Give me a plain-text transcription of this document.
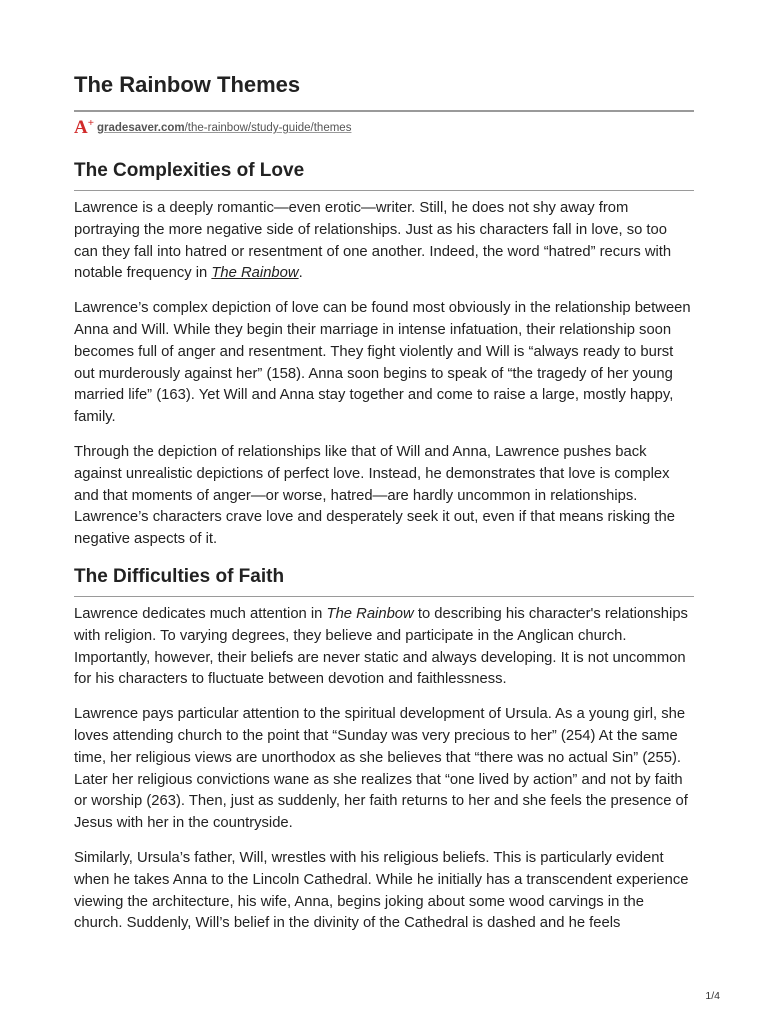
The Rainbow Themes
A+ gradesaver.com/the-rainbow/study-guide/themes
The Complexities of Love

Lawrence is a deeply romantic—even erotic—writer. Still, he does not shy away from portraying the more negative side of relationships. Just as his characters fall in love, so too can they fall into hatred or resentment of one another. Indeed, the word “hatred” recurs with notable frequency in The Rainbow.

Lawrence’s complex depiction of love can be found most obviously in the relationship between Anna and Will. While they begin their marriage in intense infatuation, their relationship soon becomes full of anger and resentment. They fight violently and Will is “always ready to burst out murderously against her” (158). Anna soon begins to speak of “the tragedy of her young married life” (163). Yet Will and Anna stay together and come to raise a large, mostly happy, family.

Through the depiction of relationships like that of Will and Anna, Lawrence pushes back against unrealistic depictions of perfect love. Instead, he demonstrates that love is complex and that moments of anger—or worse, hatred—are hardly uncommon in relationships. Lawrence’s characters crave love and desperately seek it out, even if that means risking the negative aspects of it.

The Difficulties of Faith

Lawrence dedicates much attention in The Rainbow to describing his character's relationships with religion. To varying degrees, they believe and participate in the Anglican church. Importantly, however, their beliefs are never static and always developing. It is not uncommon for his characters to fluctuate between devotion and faithlessness.

Lawrence pays particular attention to the spiritual development of Ursula. As a young girl, she loves attending church to the point that “Sunday was very precious to her” (254) At the same time, her religious views are unorthodox as she believes that “there was no actual Sin” (255). Later her religious convictions wane as she realizes that “one lived by action” and not by faith or worship (263). Then, just as suddenly, her faith returns to her and she feels the presence of Jesus with her in the countryside.

Similarly, Ursula’s father, Will, wrestles with his religious beliefs. This is particularly evident when he takes Anna to the Lincoln Cathedral. While he initially has a transcendent experience viewing the architecture, his wife, Anna, begins joking about some wood carvings in the church. Suddenly, Will’s belief in the divinity of the Cathedral is dashed and he feels

1/4
